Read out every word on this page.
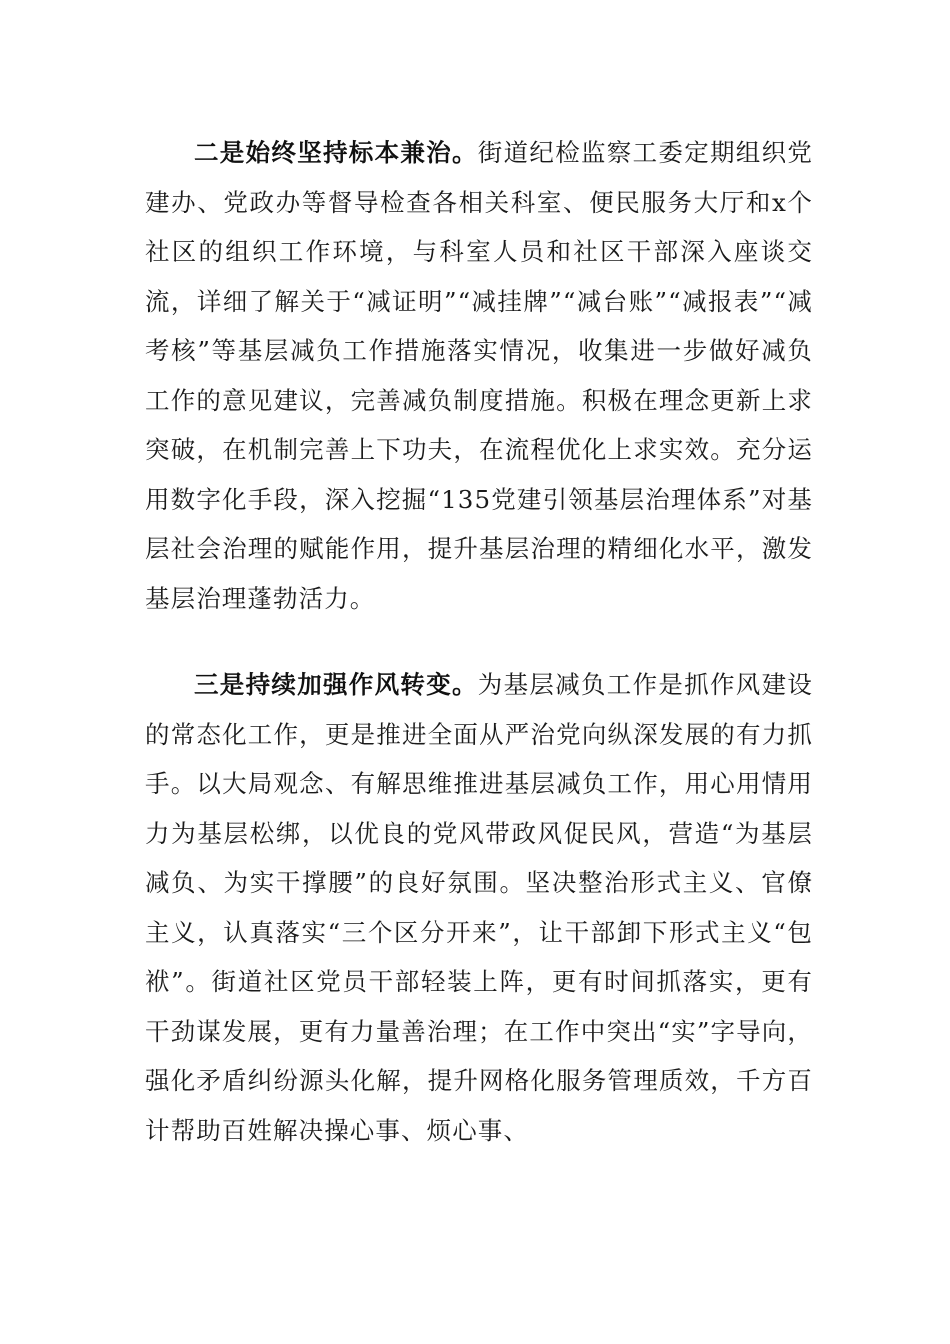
二是始终坚持标本兼治。街道纪检监察工委定期组织党建办、党政办等督导检查各相关科室、便民服务大厅和x个社区的组织工作环境，与科室人员和社区干部深入座谈交流，详细了解关于“减证明”“减挂牌”“减台账”“减报表”“减考核”等基层减负工作措施落实情况，收集进一步做好减负工作的意见建议，完善减负制度措施。积极在理念更新上求突破，在机制完善上下功夫，在流程优化上求实效。充分运用数字化手段，深入挖掘“135党建引领基层治理体系”对基层社会治理的赋能作用，提升基层治理的精细化水平，激发基层治理蓬勃活力。

三是持续加强作风转变。为基层减负工作是抓作风建设的常态化工作，更是推进全面从严治党向纵深发展的有力抓手。以大局观念、有解思维推进基层减负工作，用心用情用力为基层松绑，以优良的党风带政风促民风，营造“为基层减负、为实干撑腰”的良好氛围。坚决整治形式主义、官僚主义，认真落实“三个区分开来”，让干部卸下形式主义“包袱”。街道社区党员干部轻装上阵，更有时间抓落实，更有干劲谋发展，更有力量善治理；在工作中突出“实”字导向，强化矛盾纠纷源头化解，提升网格化服务管理质效，千方百计帮助百姓解决操心事、烦心事、
